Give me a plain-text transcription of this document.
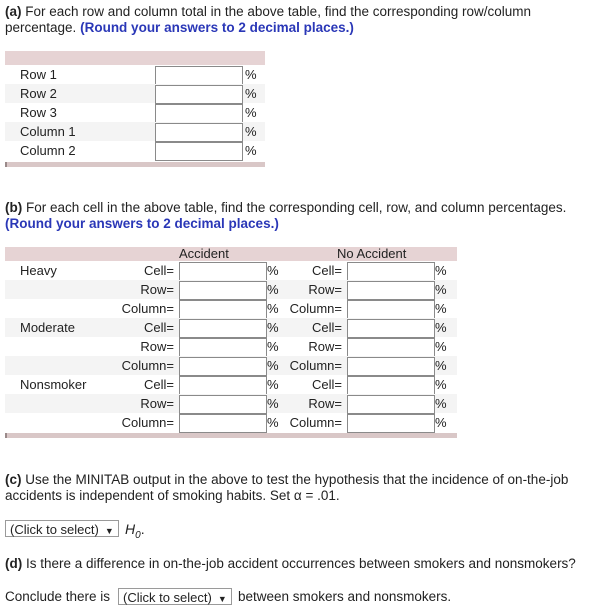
(a) For each row and column total in the above table, find the corresponding row/column percentage. (Round your answers to 2 decimal places.)
Row 1	%
Row 2	%
Row 3	%
Column 1	%
Column 2	%
(b) For each cell in the above table, find the corresponding cell, row, and column percentages. (Round your answers to 2 decimal places.)
Accident	No Accident
Heavy	Cell=	%	Cell=	%
Row=	% Row=	%
Column=	% Column=	%
Moderate	Cell=	%	Cell=	%
Row=	% Row=	%
Column=	% Column=	%
Nonsmoker	Cell=	%	Cell=	%
Row=	% Row=	%
Column=	% Column=	%
(c) Use the MINITAB output in the above to test the hypothesis that the incidence of on-the-job accidents is independent of smoking habits. Set α = .01.
(Click to select) ▼ $H_0$.
(d) Is there a difference in on-the-job accident occurrences between smokers and nonsmokers?
Conclude there is (Click to select) ▼ between smokers and nonsmokers.
